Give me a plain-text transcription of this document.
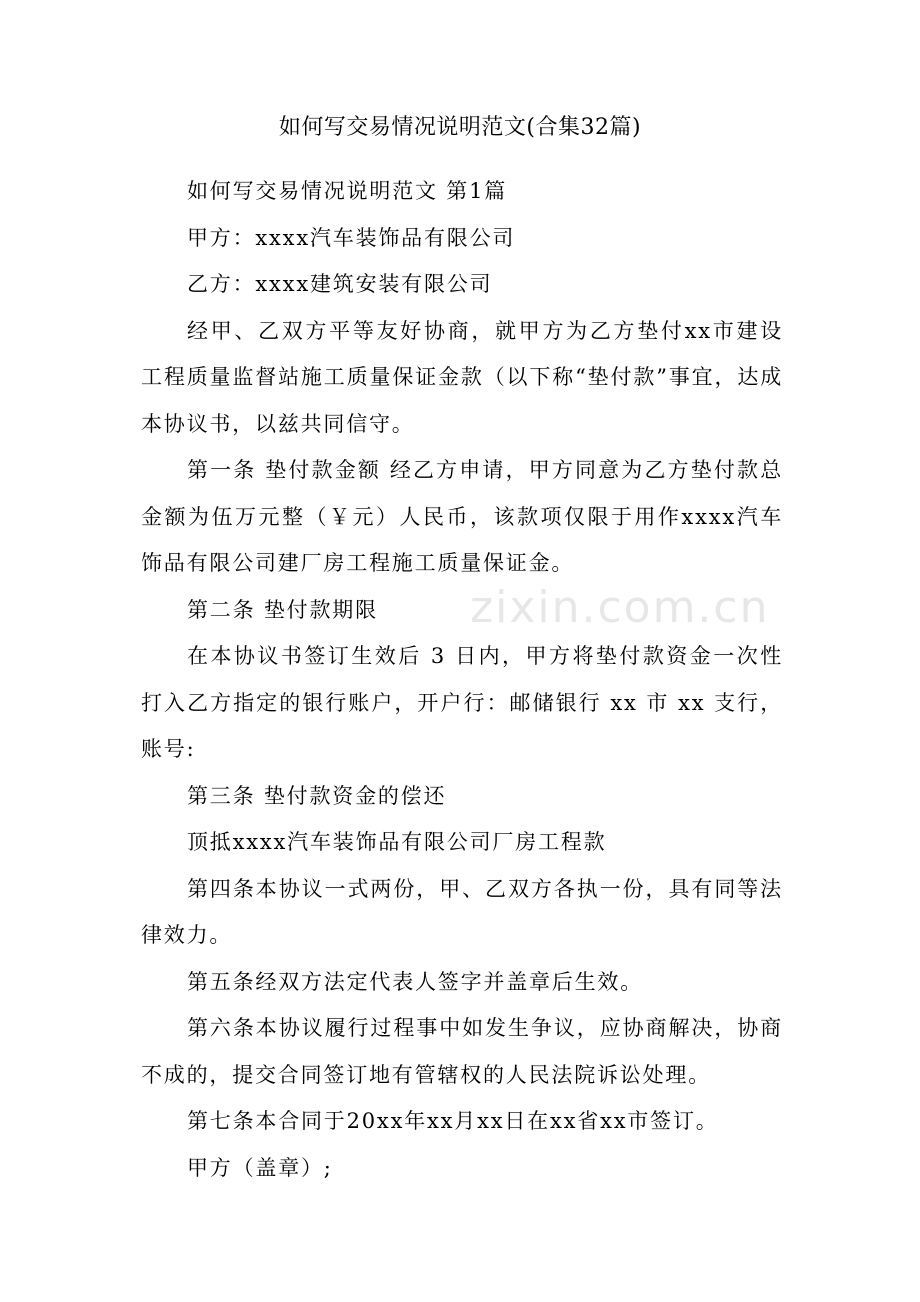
如何写交易情况说明范文(合集32篇)

如何写交易情况说明范文 第1篇

甲方：xxxx汽车装饰品有限公司

乙方：xxxx建筑安装有限公司

经甲、乙双方平等友好协商，就甲方为乙方垫付xx市建设工程质量监督站施工质量保证金款（以下称“垫付款”事宜，达成本协议书，以兹共同信守。

第一条 垫付款金额 经乙方申请，甲方同意为乙方垫付款总金额为伍万元整（￥元）人民币，该款项仅限于用作xxxx汽车饰品有限公司建厂房工程施工质量保证金。

第二条 垫付款期限

在本协议书签订生效后 3 日内，甲方将垫付款资金一次性打入乙方指定的银行账户，开户行：邮储银行 xx 市 xx 支行，账号:

第三条 垫付款资金的偿还

顶抵xxxx汽车装饰品有限公司厂房工程款

第四条本协议一式两份，甲、乙双方各执一份，具有同等法律效力。

第五条经双方法定代表人签字并盖章后生效。

第六条本协议履行过程事中如发生争议，应协商解决，协商不成的，提交合同签订地有管辖权的人民法院诉讼处理。

第七条本合同于20xx年xx月xx日在xx省xx市签订。

甲方（盖章）;

zixin.com.cn
